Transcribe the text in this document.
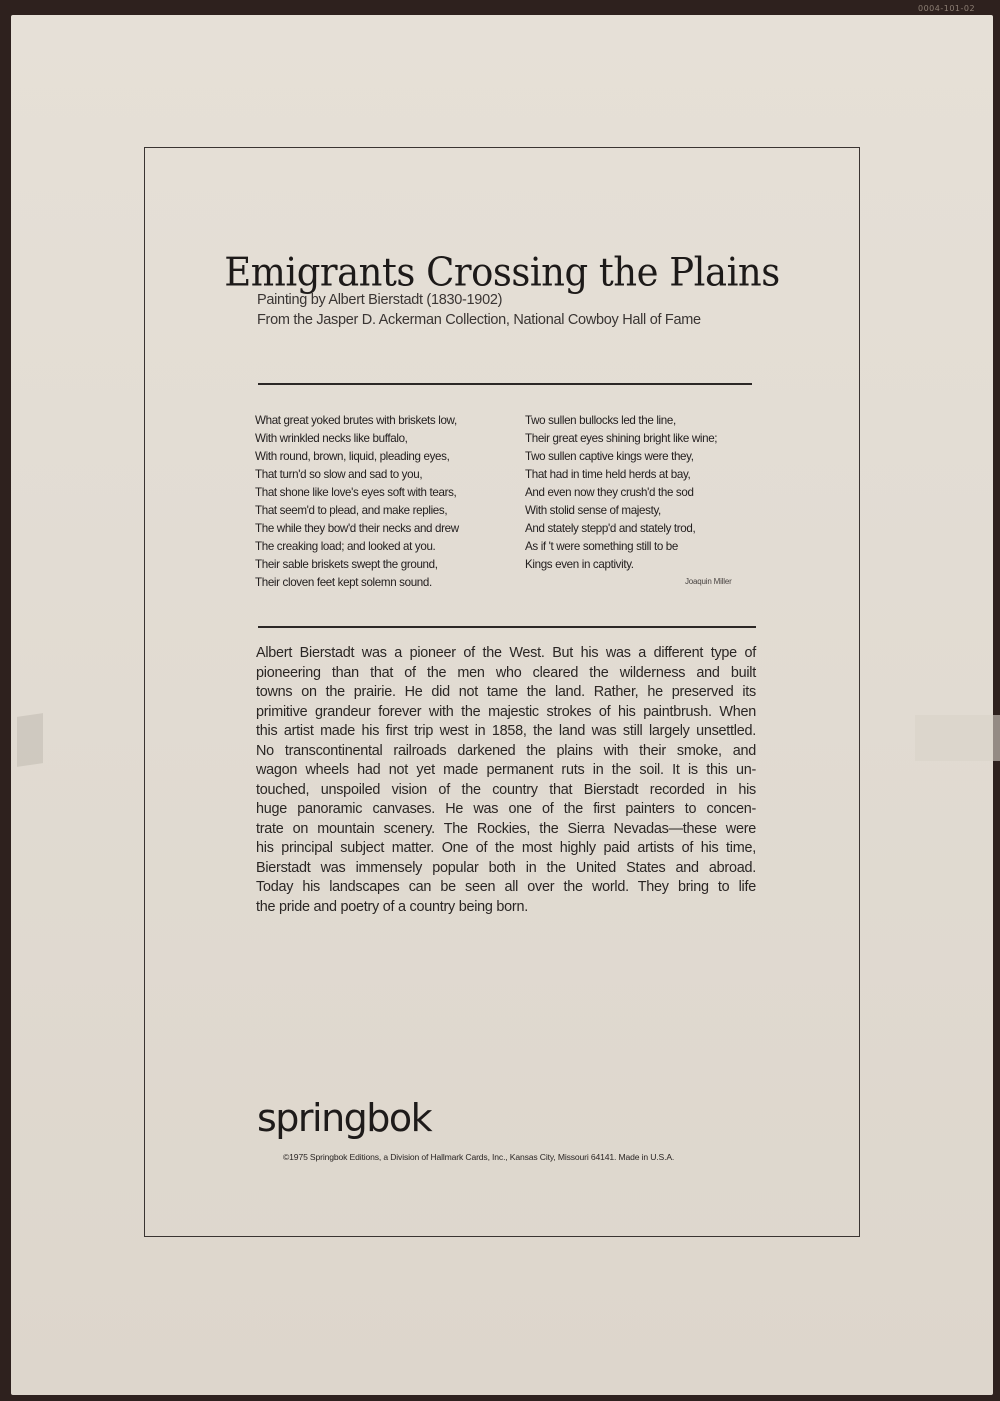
0004-101-02
Emigrants Crossing the Plains
Painting by Albert Bierstadt (1830-1902)
From the Jasper D. Ackerman Collection, National Cowboy Hall of Fame
What great yoked brutes with briskets low,
With wrinkled necks like buffalo,
With round, brown, liquid, pleading eyes,
That turn'd so slow and sad to you,
That shone like love's eyes soft with tears,
That seem'd to plead, and make replies,
The while they bow'd their necks and drew
The creaking load; and looked at you.
Their sable briskets swept the ground,
Their cloven feet kept solemn sound.
Two sullen bullocks led the line,
Their great eyes shining bright like wine;
Two sullen captive kings were they,
That had in time held herds at bay,
And even now they crush'd the sod
With stolid sense of majesty,
And stately stepp'd and stately trod,
As if 't were something still to be
Kings even in captivity.
Joaquin Miller
Albert Bierstadt was a pioneer of the West. But his was a different type of
pioneering than that of the men who cleared the wilderness and built
towns on the prairie. He did not tame the land. Rather, he preserved its
primitive grandeur forever with the majestic strokes of his paintbrush. When
this artist made his first trip west in 1858, the land was still largely unsettled.
No transcontinental railroads darkened the plains with their smoke, and
wagon wheels had not yet made permanent ruts in the soil. It is this un-
touched, unspoiled vision of the country that Bierstadt recorded in his
huge panoramic canvases. He was one of the first painters to concen-
trate on mountain scenery. The Rockies, the Sierra Nevadas—these were
his principal subject matter. One of the most highly paid artists of his time,
Bierstadt was immensely popular both in the United States and abroad.
Today his landscapes can be seen all over the world. They bring to life
the pride and poetry of a country being born.
springbok
©1975 Springbok Editions, a Division of Hallmark Cards, Inc., Kansas City, Missouri 64141. Made in U.S.A.
